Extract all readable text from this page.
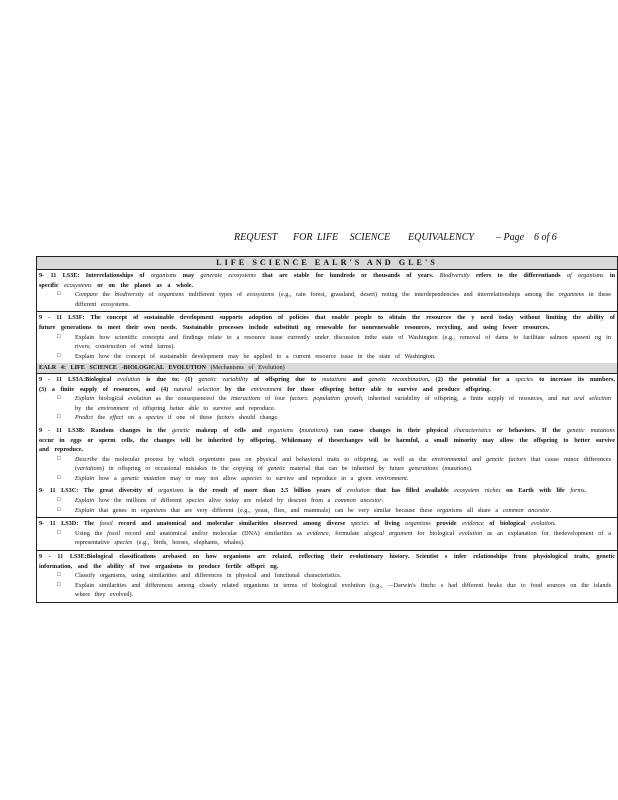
REQUEST FOR LIFE SCIENCE EQUIVALENCY – Page 6 of 6
LIFE SCIENCE EALR'S AND GLE'S
9- 11 LS3E: Interrelationships of organisms may generate ecosystems that are stable for hundreds or thousands of years. Biodiversity refers to the differentiands of organisms in specific ecosystems or on the planet as a whole.
□ Compare the biodiversity of organisms indifferent types of ecosystems (e.g., rain forest, grassland, desert) noting the interdependencies and interrelationships among the organisms in these different ecosystems.
9 - 11 LS3F: The concept of sustainable development supports adoption of policies that enable people to obtain the resources the y need today without limiting the ability of future generations to meet their own needs. Sustainable processes include substituti ng renewable for nonrenewable resources, recycling, and using fewer resources.
□ Explain how scientific concepts and findings relate to a resource issue currently under discussion inthe state of Washington (e.g., removal of dams to facilitate salmon spawni ng in rivers; construction of wind farms).
□ Explain how the concept of sustainable development may be applied to a current resource issue in the state of Washington.
EALR 4: LIFE SCIENCE -BIOLOGICAL EVOLUTION (Mechanisms of Evolution)
9 - 11 LS3A:Biological evolution is due to: (1) genetic variability of offspring due to mutations and genetic recombination, (2) the potential for a species to increase its numbers, (3) a finite supply of resources, and (4) natural selection by the environment for those offspring better able to survive and produce offspring.
□ Explain biological evolution as the consequenceof the interactions of four factors: population growth, inherited variability of offspring, a finite supply of resources, and nat ural selection by the environment of offspring better able to survive and reproduce.
□ Predict the effect on a species if one of these factors should change.
9 - 11 LS3B: Random changes in the genetic makeup of cells and organisms (mutations) can cause changes in their physical characteristics or behaviors. If the genetic mutations occur in eggs or sperm cells, the changes will be inherited by offspring. Whilemany of thesechanges will be harmful, a small minority may allow the offspring to better survive and reproduce.
□ Describe the molecular process by which organisms pass on physical and behavioral traits to offspring, as well as the environmental and genetic factors that cause minor differences (variations) in offspring or occasional mistakes in the copying of genetic material that can be inherited by future generations (mutations).
□ Explain how a genetic mutation may or may not allow aspecies to survive and reproduce in a given environment.
9- 11 LS3C: The great diversity of organisms is the result of more than 3.5 billion years of evolution that has filled available ecosystem niches on Earth with life forms.
□ Explain how the millions of different species alive today are related by descent from a common ancestor.
□ Explain that genes in organisms that are very different (e.g., yeast, flies, and mammals) can be very similar because these organisms all share a common ancestor.
9- 11 LS3D: The fossil record and anatomical and molecular similarities observed among diverse species of living organisms provide evidence of biological evolution.
□ Using the fossil record and anatomical and/or molecular (DNA) similarities as evidence, formulate alogical argument for biological evolution as an explanation for thedevelopment of a representative species (e.g., birds, horses, elephants, whales).
9 - 11 LS3E:Biological classifications arebased on how organisms are related, reflecting their evolutionary history. Scientist s infer relationships from physiological traits, genetic information, and the ability of two organisms to produce fertile offspri ng.
□ Classify organisms, using similarities and differences in physical and functional characteristics.
□ Explain similarities and differences among closely related organisms in terms of biological evolution (e.g., ―Darwin's finchc s had different beaks due to food sources on the islands where they evolved).
